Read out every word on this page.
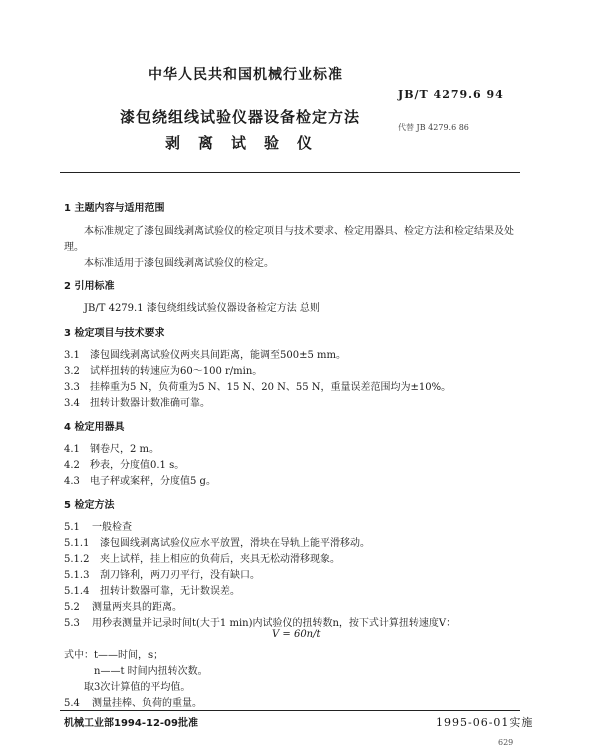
中华人民共和国机械行业标准
JB/T 4279.6 94
漆包绕组线试验仪器设备检定方法
代替 JB 4279.6 86
剥离试验仪
1 主题内容与适用范围
本标准规定了漆包圆线剥离试验仪的检定项目与技术要求、检定用器具、检定方法和检定结果及处
理。
本标准适用于漆包圆线剥离试验仪的检定。
2 引用标准
JB/T 4279.1 漆包绕组线试验仪器设备检定方法 总则
3 检定项目与技术要求
3.1 漆包圆线剥离试验仪两夹具间距离，能调至500±5 mm。
3.2 试样扭转的转速应为60～100 r/min。
3.3 挂棒重为5 N，负荷重为5 N、15 N、20 N、55 N，重量误差范围均为±10%。
3.4 扭转计数器计数准确可靠。
4 检定用器具
4.1 钢卷尺，2 m。
4.2 秒表，分度值0.1 s。
4.3 电子秤或案秤，分度值5 g。
5 检定方法
5.1 一般检查
5.1.1 漆包圆线剥离试验仪应水平放置，滑块在导轨上能平滑移动。
5.1.2 夹上试样，挂上相应的负荷后，夹具无松动滑移现象。
5.1.3 刮刀锋利，两刀刃平行，没有缺口。
5.1.4 扭转计数器可靠，无计数误差。
5.2 测量两夹具的距离。
5.3 用秒表测量并记录时间t(大于1 min)内试验仪的扭转数n，按下式计算扭转速度V：
V = 60n/t
式中： t——时间，s；
n——t 时间内扭转次数。
取3次计算值的平均值。
5.4 测量挂棒、负荷的重量。
机械工业部1994-12-09批准	1995-06-01实施
629
